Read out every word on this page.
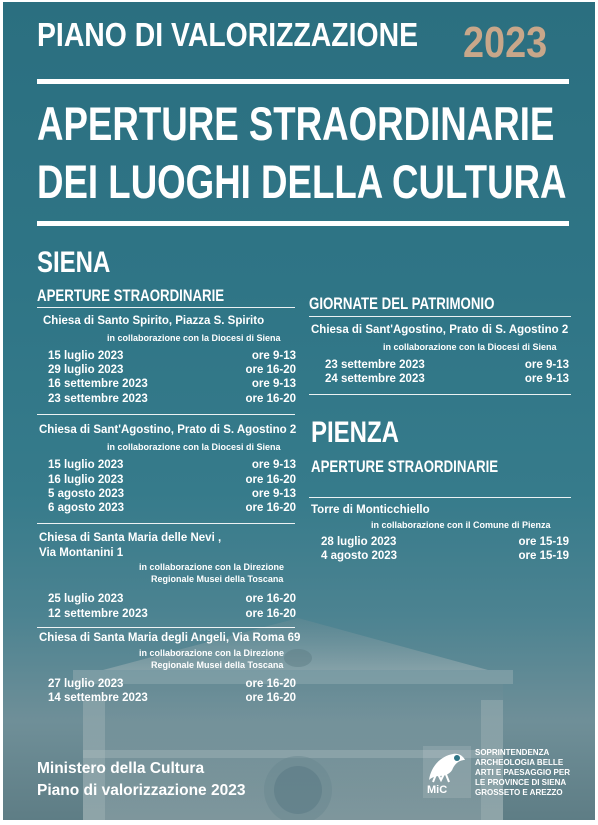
PIANO DI VALORIZZAZIONE	2023
APERTURE STRAORDINARIE
DEI LUOGHI DELLA CULTURA
SIENA
APERTURE STRAORDINARIE
Chiesa di Santo Spirito, Piazza S. Spirito
in collaborazione con la Diocesi di Siena
15 luglio 2023	ore 9-13
29 luglio 2023	ore 16-20
16 settembre 2023	ore 9-13
23 settembre 2023	ore 16-20
Chiesa di Sant'Agostino, Prato di S. Agostino 2
in collaborazione con la Diocesi di Siena
15 luglio 2023	ore 9-13
16 luglio 2023	ore 16-20
5 agosto 2023	ore 9-13
6 agosto 2023	ore 16-20
Chiesa di Santa Maria delle Nevi ,
Via Montanini 1
in collaborazione con la Direzione
Regionale Musei della Toscana
25 luglio 2023	ore 16-20
12 settembre 2023	ore 16-20
Chiesa di Santa Maria degli Angeli, Via Roma 69
in collaborazione con la Direzione
Regionale Musei della Toscana
27 luglio 2023	ore 16-20
14 settembre 2023	ore 16-20
GIORNATE DEL PATRIMONIO
Chiesa di Sant'Agostino, Prato di S. Agostino 2
in collaborazione con la Diocesi di Siena
23 settembre 2023	ore 9-13
24 settembre 2023	ore 9-13
PIENZA
APERTURE STRAORDINARIE
Torre di Monticchiello
in collaborazione con il Comune di Pienza
28 luglio 2023	ore 15-19
4 agosto 2023	ore 15-19
Ministero della Cultura
Piano di valorizzazione 2023
SOPRINTENDENZA
ARCHEOLOGIA BELLE
ARTI E PAESAGGIO PER
LE PROVINCE DI SIENA
GROSSETO E AREZZO
MiC
